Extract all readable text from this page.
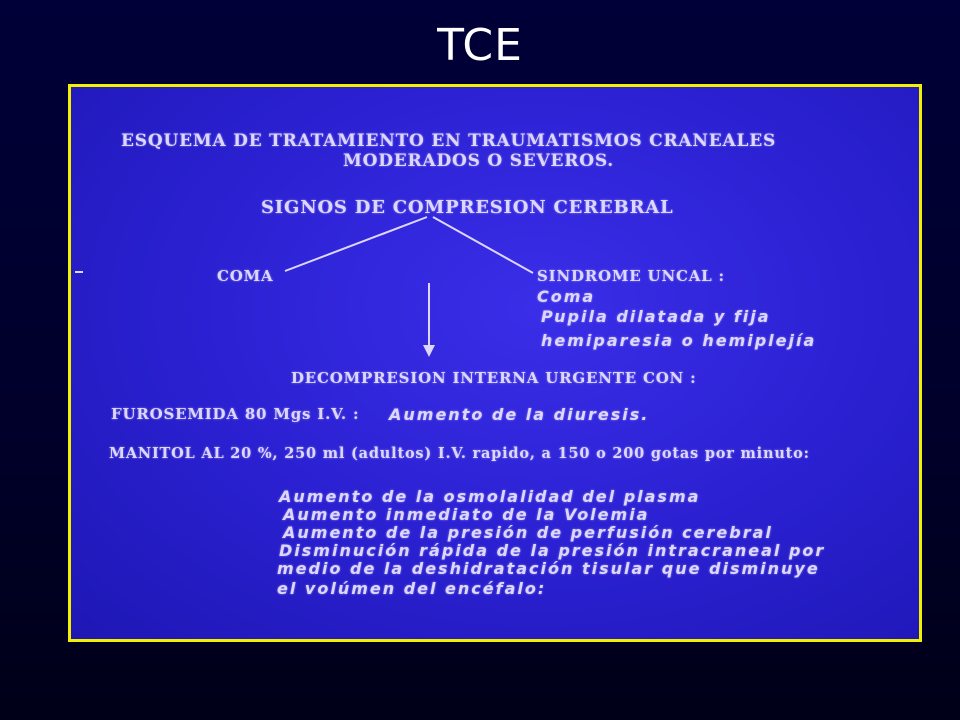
TCE
ESQUEMA DE TRATAMIENTO EN TRAUMATISMOS CRANEALES
MODERADOS O SEVEROS.
SIGNOS DE COMPRESION CEREBRAL
COMA	SINDROME UNCAL :
Coma
Pupila dilatada y fija
hemiparesia o hemiplejía
DECOMPRESION INTERNA URGENTE CON :
FUROSEMIDA 80 Mgs I.V. : Aumento de la diuresis.
MANITOL AL 20 %, 250 ml (adultos) I.V. rapido, a 150 o 200 gotas por minuto:
Aumento de la osmolalidad del plasma
Aumento inmediato de la Volemia
Aumento de la presión de perfusión cerebral
Disminución rápida de la presión intracraneal por
medio de la deshidratación tisular que disminuye
el volúmen del encéfalo:
